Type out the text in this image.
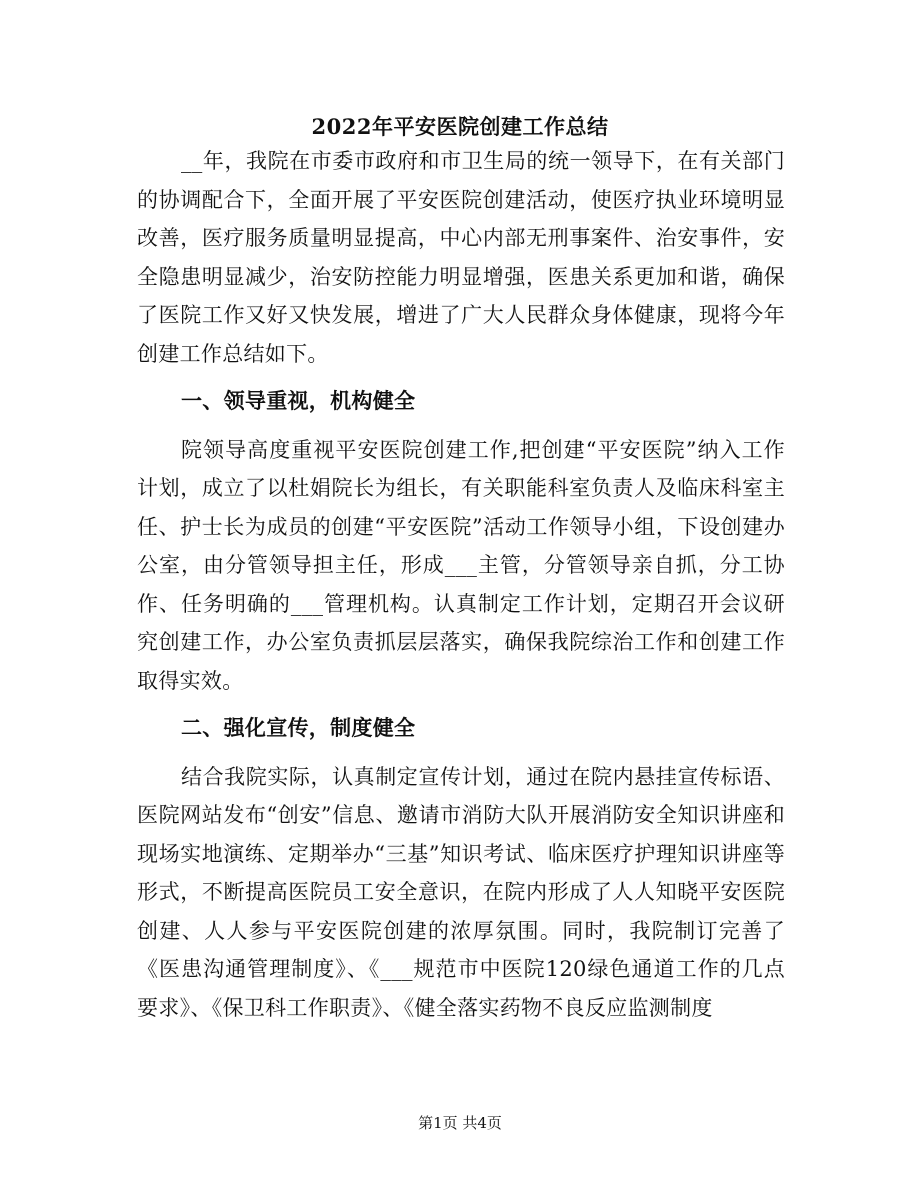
2022年平安医院创建工作总结

__年，我院在市委市政府和市卫生局的统一领导下，在有关部门的协调配合下，全面开展了平安医院创建活动，使医疗执业环境明显改善，医疗服务质量明显提高，中心内部无刑事案件、治安事件，安全隐患明显减少，治安防控能力明显增强，医患关系更加和谐，确保了医院工作又好又快发展，增进了广大人民群众身体健康，现将今年创建工作总结如下。

一、领导重视，机构健全

院领导高度重视平安医院创建工作,把创建“平安医院”纳入工作计划，成立了以杜娟院长为组长，有关职能科室负责人及临床科室主任、护士长为成员的创建“平安医院”活动工作领导小组，下设创建办公室，由分管领导担主任，形成___主管，分管领导亲自抓，分工协作、任务明确的___管理机构。认真制定工作计划，定期召开会议研究创建工作，办公室负责抓层层落实，确保我院综治工作和创建工作取得实效。

二、强化宣传，制度健全

结合我院实际，认真制定宣传计划，通过在院内悬挂宣传标语、医院网站发布“创安”信息、邀请市消防大队开展消防安全知识讲座和现场实地演练、定期举办“三基”知识考试、临床医疗护理知识讲座等形式，不断提高医院员工安全意识，在院内形成了人人知晓平安医院创建、人人参与平安医院创建的浓厚氛围。同时，我院制订完善了《医患沟通管理制度》、《___规范市中医院120绿色通道工作的几点要求》、《保卫科工作职责》、《健全落实药物不良反应监测制度

第1页 共4页
